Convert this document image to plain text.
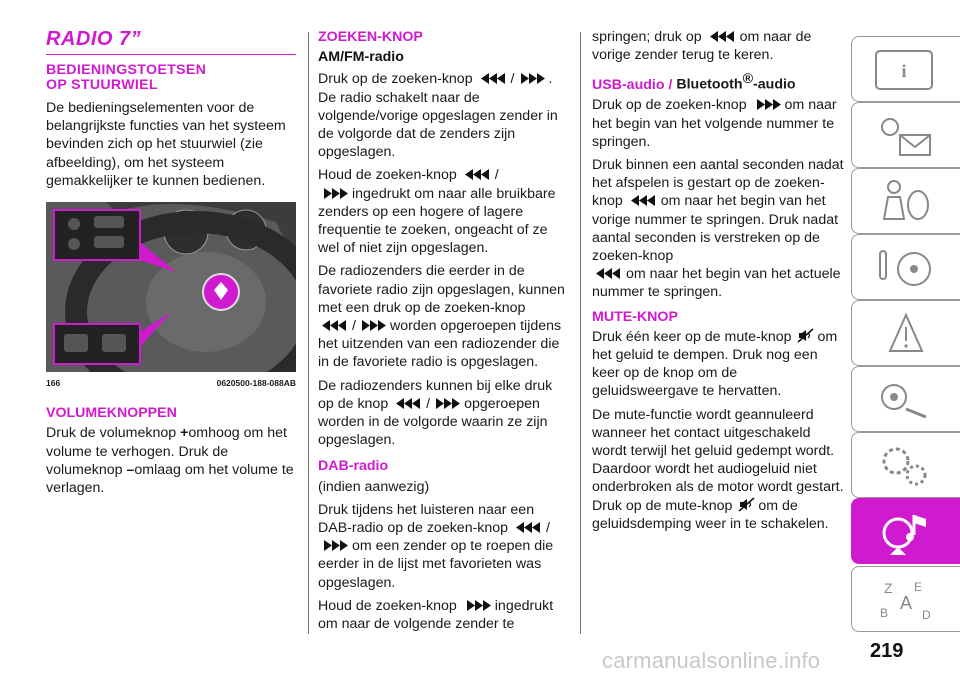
RADIO 7”
BEDIENINGSTOETSEN
OP STUURWIEL

De bedieningselementen voor de belangrijkste functies van het systeem bevinden zich op het stuurwiel (zie afbeelding), om het systeem gemakkelijker te kunnen bedienen.

166	0620500-188-088AB
VOLUMEKNOPPEN

Druk de volumeknop +omhoog om het volume te verhogen. Druk de volumeknop –omlaag om het volume te verlagen.

ZOEKEN-KNOP
AM/FM-radio

Druk op de zoeken-knop	/ . De radio schakelt naar de volgende/vorige opgeslagen zender in de volgorde dat de zenders zijn opgeslagen.

Houd de zoeken-knop	/
ingedrukt om naar alle bruikbare zenders op een hogere of lagere frequentie te zoeken, ongeacht of ze wel of niet zijn opgeslagen.

De radiozenders die eerder in de favoriete radio zijn opgeslagen, kunnen met een druk op de zoeken-knop
/ worden opgeroepen tijdens het uitzenden van een radiozender die in de favoriete radio is opgeslagen.

De radiozenders kunnen bij elke druk op de knop	/ opgeroepen worden in de volgorde waarin ze zijn opgeslagen.

DAB-radio

(indien aanwezig)

Druk tijdens het luisteren naar een DAB-radio op de zoeken-knop	/
om een zender op te roepen die eerder in de lijst met favorieten was opgeslagen.

Houd de zoeken-knop	ingedrukt om naar de volgende zender te

springen; druk op	om naar de vorige zender terug te keren.

USB-audio / Bluetooth®-audio

Druk op de zoeken-knop	om naar het begin van het volgende nummer te springen.

Druk binnen een aantal seconden nadat het afspelen is gestart op de zoeken-knop	om naar het begin van het vorige nummer te springen. Druk nadat aantal seconden is verstreken op de zoeken-knop
om naar het begin van het actuele nummer te springen.

MUTE-KNOP

Druk één keer op de mute-knop om het geluid te dempen. Druk nog een keer op de knop om de geluidsweergave te hervatten.

De mute-functie wordt geannuleerd wanneer het contact uitgeschakeld wordt terwijl het geluid gedempt wordt. Daardoor wordt het audiogeluid niet onderbroken als de motor wordt gestart. Druk op de mute-knop om de geluidsdemping weer in te schakelen.

i
Z E
A
B	D
219
carmanualsonline.info
